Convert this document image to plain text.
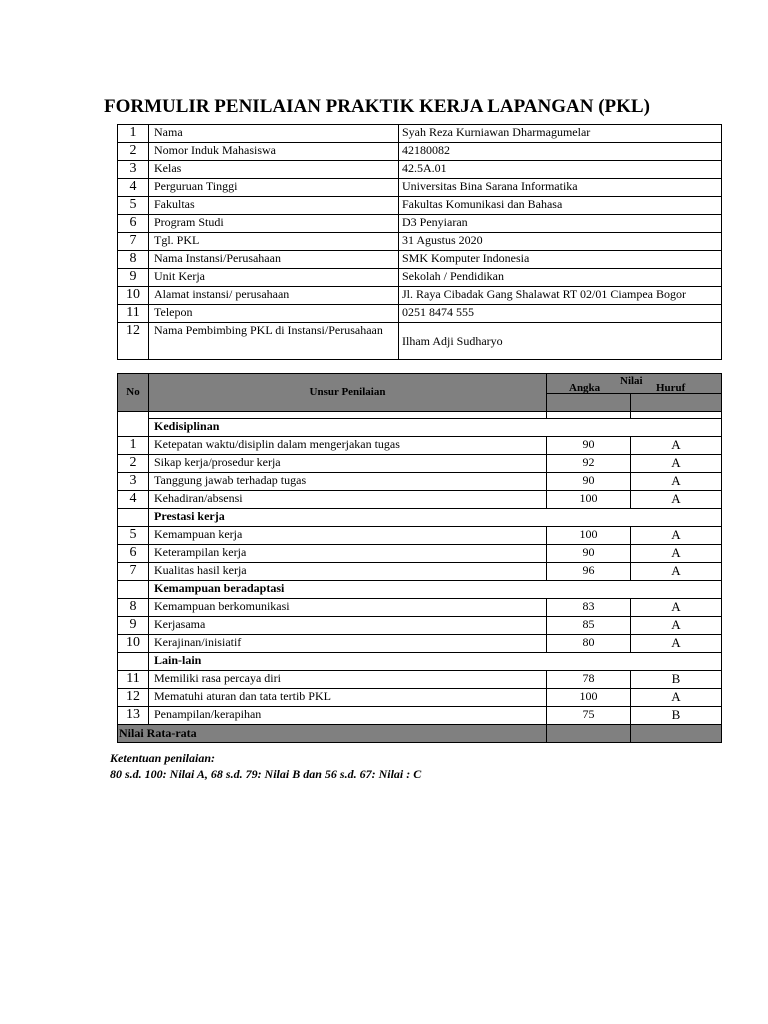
FORMULIR PENILAIAN PRAKTIK KERJA LAPANGAN (PKL)
1	Nama	Syah Reza Kurniawan Dharmagumelar
2	Nomor Induk Mahasiswa	42180082
3	Kelas	42.5A.01
4	Perguruan Tinggi	Universitas Bina Sarana Informatika
5	Fakultas	Fakultas Komunikasi dan Bahasa
6	Program Studi	D3 Penyiaran
7	Tgl. PKL	31 Agustus 2020
8	Nama Instansi/Perusahaan	SMK Komputer Indonesia
9	Unit Kerja	Sekolah / Pendidikan
10	Alamat instansi/ perusahaan	Jl. Raya Cibadak Gang Shalawat RT 02/01 Ciampea Bogor
11	Telepon	0251 8474 555
12	Nama Pembimbing PKL di Instansi/Perusahaan	Ilham Adji Sudharyo
No	Unsur Penilaian	Nilai
Angka Huruf	

	Kedisiplinan		
1	Ketepatan waktu/disiplin dalam mengerjakan tugas	90	A
2	Sikap kerja/prosedur kerja	92	A
3	Tanggung jawab terhadap tugas	90	A
4	Kehadiran/absensi	100	A
	Prestasi kerja		
5	Kemampuan kerja	100	A
6	Keterampilan kerja	90	A
7	Kualitas hasil kerja	96	A
	Kemampuan beradaptasi		
8	Kemampuan berkomunikasi	83	A
9	Kerjasama	85	A
10	Kerajinan/inisiatif	80	A
	Lain-lain		
11	Memiliki rasa percaya diri	78	B
12	Mematuhi aturan dan tata tertib PKL	100	A
13	Penampilan/kerapihan	75	B
Nilai Rata-rata			
Ketentuan penilaian:
80 s.d. 100: Nilai A, 68 s.d. 79: Nilai B dan 56 s.d. 67: Nilai : C
